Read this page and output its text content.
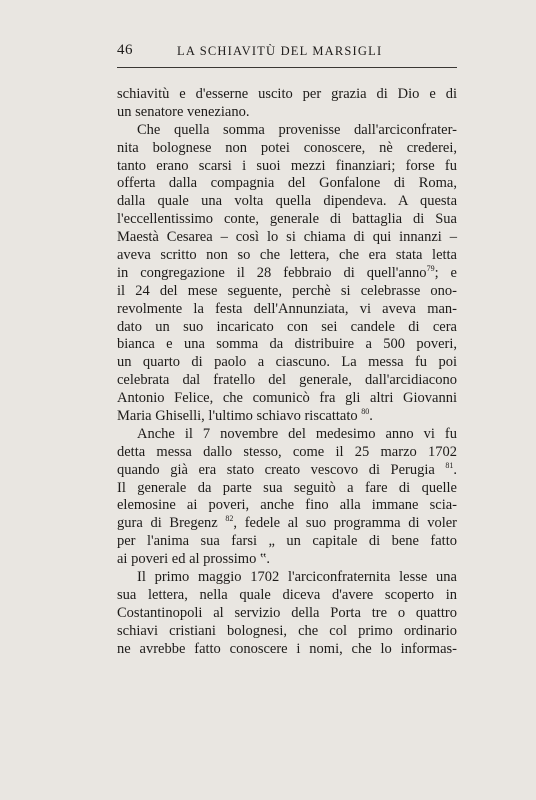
46	LA SCHIAVITÙ DEL MARSIGLI
schiavitù e d'esserne uscito per grazia di Dio e di
un senatore veneziano.
Che quella somma provenisse dall'arciconfrater-
nita bolognese non potei conoscere, nè crederei,
tanto erano scarsi i suoi mezzi finanziari; forse fu
offerta dalla compagnia del Gonfalone di Roma,
dalla quale una volta quella dipendeva. A questa
l'eccellentissimo conte, generale di battaglia di Sua
Maestà Cesarea – così lo si chiama di qui innanzi –
aveva scritto non so che lettera, che era stata letta
in congregazione il 28 febbraio di quell'anno$^{79}$; e
il 24 del mese seguente, perchè si celebrasse ono-
revolmente la festa dell'Annunziata, vi aveva man-
dato un suo incaricato con sei candele di cera
bianca e una somma da distribuire a 500 poveri,
un quarto di paolo a ciascuno. La messa fu poi
celebrata dal fratello del generale, dall'arcidiacono
Antonio Felice, che comunicò fra gli altri Giovanni
Maria Ghiselli, l'ultimo schiavo riscattato $^{80}$.
Anche il 7 novembre del medesimo anno vi fu
detta messa dallo stesso, come il 25 marzo 1702
quando già era stato creato vescovo di Perugia $^{81}$.
Il generale da parte sua seguitò a fare di quelle
elemosine ai poveri, anche fino alla immane scia-
gura di Bregenz $^{82}$, fedele al suo programma di voler
per l'anima sua farsi „ un capitale di bene fatto
ai poveri ed al prossimo ‟.
Il primo maggio 1702 l'arciconfraternita lesse una
sua lettera, nella quale diceva d'avere scoperto in
Costantinopoli al servizio della Porta tre o quattro
schiavi cristiani bolognesi, che col primo ordinario
ne avrebbe fatto conoscere i nomi, che lo informas-
